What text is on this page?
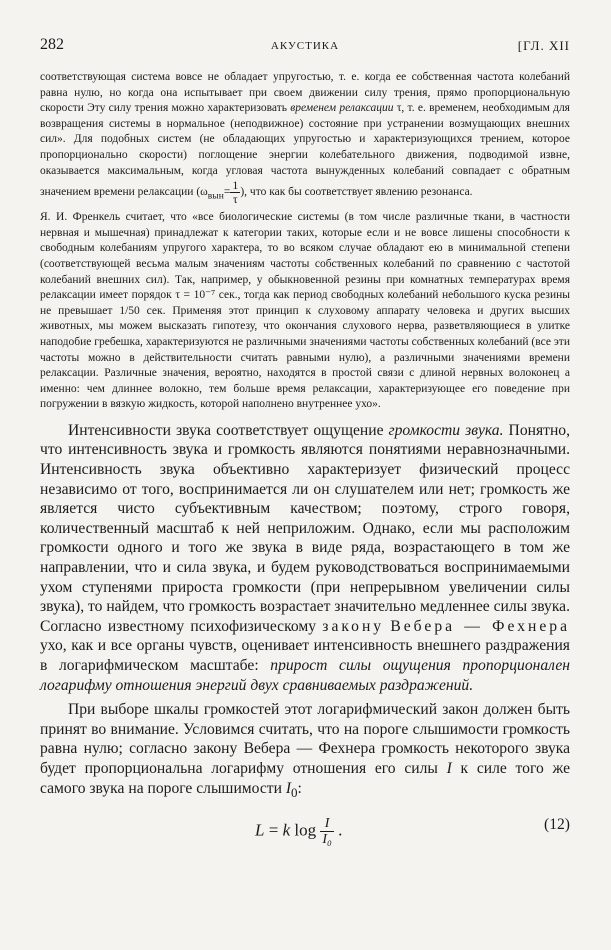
282	АКУСТИКА	[ГЛ. XII

соответствующая система вовсе не обладает упругостью, т. е. когда ее собственная частота колебаний равна нулю, но когда она испытывает при своем движении силу трения, прямо пропорциональную скорости Эту силу трения можно характеризовать временем релаксации τ, т. е. временем, необходимым для возвращения системы в нормальное (неподвижное) состояние при устранении возмущающих внешних сил». Для подобных систем (не обладающих упругостью и характеризующихся трением, которое пропорционально скорости) поглощение энергии колебательного движения, подводимой извне, оказывается максимальным, когда угловая частота вынужденных колебаний совпадает с обратным значением времени релаксации ($\omega_{вын}= \frac{1}{\tau}$ ), что как бы соответствует явлению резонанса.

Я. И. Френкель считает, что «все биологические системы (в том числе различные ткани, в частности нервная и мышечная) принадлежат к категории таких, которые если и не вовсе лишены способности к свободным колебаниям упругого характера, то во всяком случае обладают ею в минимальной степени (соответствующей весьма малым значениям частоты собственных колебаний по сравнению с частотой колебаний внешних сил). Так, например, у обыкновенной резины при комнатных температурах время релаксации имеет порядок τ = 10⁻⁷ сек., тогда как период свободных колебаний небольшого куска резины не превышает 1/50 сек. Применяя этот принцип к слуховому аппарату человека и других высших животных, мы можем высказать гипотезу, что окончания слухового нерва, разветвляющиеся в улитке наподобие гребешка, характеризуются не различными значениями частоты собственных колебаний (все эти частоты можно в действительности считать равными нулю), а различными значениями времени релаксации. Различные значения, вероятно, находятся в простой связи с длиной нервных волоконец а именно: чем длиннее волокно, тем больше время релаксации, характеризующее его поведение при погружении в вязкую жидкость, которой наполнено внутреннее ухо».

Интенсивности звука соответствует ощущение громкости звука. Понятно, что интенсивность звука и громкость являются понятиями неравнозначными. Интенсивность звука объективно характеризует физический процесс независимо от того, воспринимается ли он слушателем или нет; громкость же является чисто субъективным качеством; поэтому, строго говоря, количественный масштаб к ней неприложим. Однако, если мы расположим громкости одного и того же звука в виде ряда, возрастающего в том же направлении, что и сила звука, и будем руководствоваться воспринимаемыми ухом ступенями прироста громкости (при непрерывном увеличении силы звука), то найдем, что громкость возрастает значительно медленнее силы звука. Согласно известному психофизическому закону Вебера — Фехнера ухо, как и все органы чувств, оценивает интенсивность внешнего раздражения в логарифмическом масштабе: прирост силы ощущения пропорционален логарифму отношения энергий двух сравниваемых раздражений.

При выборе шкалы громкостей этот логарифмический закон должен быть принят во внимание. Условимся считать, что на пороге слышимости громкость равна нулю; согласно закону Вебера — Фехнера громкость некоторого звука будет пропорциональна логарифму отношения его силы I к силе того же самого звука на пороге слышимости $I_0$:

L = k $\log \frac{I}{\text{I₀}}$ .	(12)
